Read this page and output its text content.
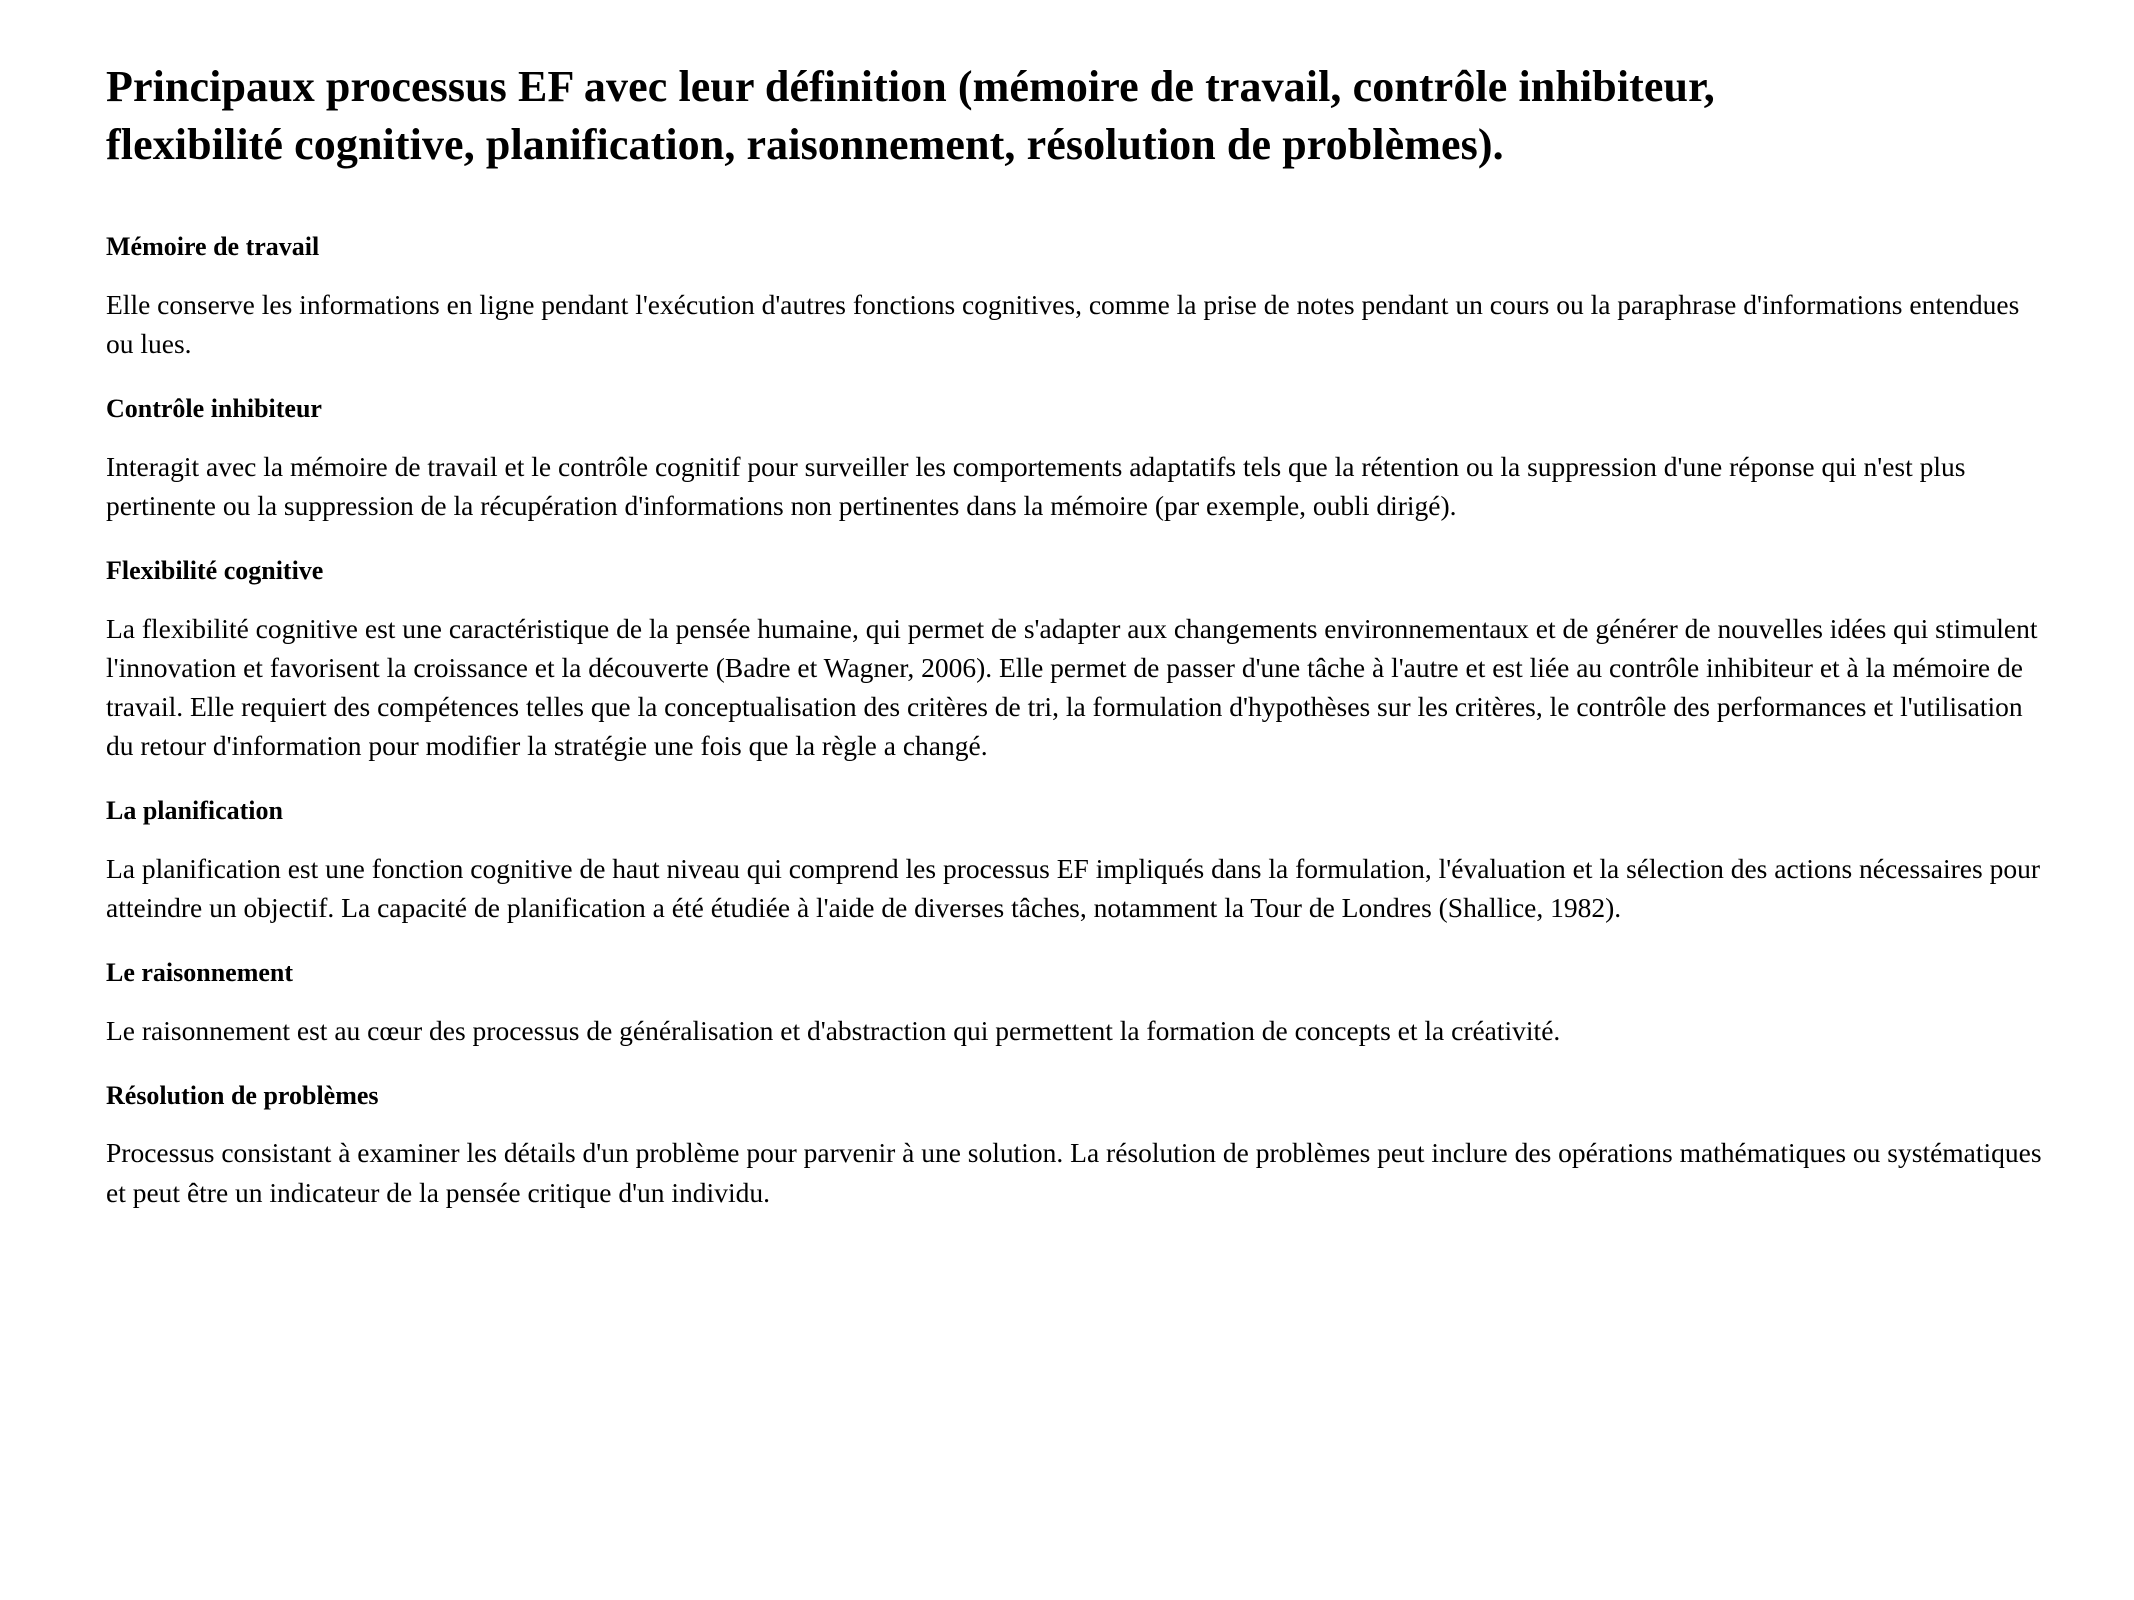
Principaux processus EF avec leur définition (mémoire de travail, contrôle inhibiteur, flexibilité cognitive, planification, raisonnement, résolution de problèmes).
Mémoire de travail

Elle conserve les informations en ligne pendant l'exécution d'autres fonctions cognitives, comme la prise de notes pendant un cours ou la paraphrase d'informations entendues ou lues.

Contrôle inhibiteur

Interagit avec la mémoire de travail et le contrôle cognitif pour surveiller les comportements adaptatifs tels que la rétention ou la suppression d'une réponse qui n'est plus pertinente ou la suppression de la récupération d'informations non pertinentes dans la mémoire (par exemple, oubli dirigé).

Flexibilité cognitive

La flexibilité cognitive est une caractéristique de la pensée humaine, qui permet de s'adapter aux changements environnementaux et de générer de nouvelles idées qui stimulent l'innovation et favorisent la croissance et la découverte (Badre et Wagner, 2006). Elle permet de passer d'une tâche à l'autre et est liée au contrôle inhibiteur et à la mémoire de travail. Elle requiert des compétences telles que la conceptualisation des critères de tri, la formulation d'hypothèses sur les critères, le contrôle des performances et l'utilisation du retour d'information pour modifier la stratégie une fois que la règle a changé.

La planification

La planification est une fonction cognitive de haut niveau qui comprend les processus EF impliqués dans la formulation, l'évaluation et la sélection des actions nécessaires pour atteindre un objectif. La capacité de planification a été étudiée à l'aide de diverses tâches, notamment la Tour de Londres (Shallice, 1982).

Le raisonnement

Le raisonnement est au cœur des processus de généralisation et d'abstraction qui permettent la formation de concepts et la créativité.

Résolution de problèmes

Processus consistant à examiner les détails d'un problème pour parvenir à une solution. La résolution de problèmes peut inclure des opérations mathématiques ou systématiques et peut être un indicateur de la pensée critique d'un individu.
